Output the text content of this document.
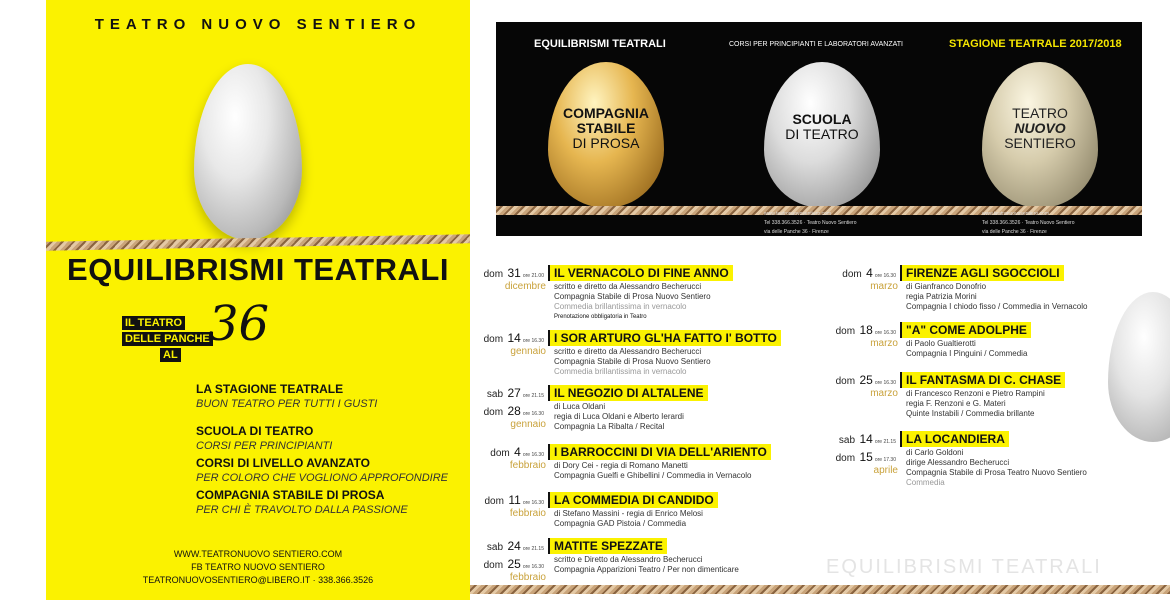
TEATRO NUOVO SENTIERO
EQUILIBRISMI TEATRALI
IL TEATRO
DELLE PANCHE
AL
36
LA STAGIONE TEATRALE
BUON TEATRO PER TUTTI I GUSTI
SCUOLA DI TEATRO
CORSI PER PRINCIPIANTI
CORSI DI LIVELLO AVANZATO
PER COLORO CHE VOGLIONO APPROFONDIRE
COMPAGNIA STABILE DI PROSA
PER CHI È TRAVOLTO DALLA PASSIONE
WWW.TEATRONUOVO SENTIERO.COM
FB TEATRO NUOVO SENTIERO
TEATRONUOVOSENTIERO@LIBERO.IT · 338.366.3526
EQUILIBRISMI TEATRALI	CORSI PER PRINCIPIANTI E LABORATORI AVANZATI	STAGIONE TEATRALE 2017/2018
COMPAGNIA
STABILE
DI PROSA
SCUOLA
DI TEATRO
TEATRO
NUOVO
SENTIERO
www.teatronuovosentiero.com
Tel 338.366.3526 · Teatro Nuovo Sentiero
via delle Panche 36 · Firenze
www.teatronuovosentiero.com
Tel 338.366.3526 · Teatro Nuovo Sentiero
via delle Panche 36 · Firenze
dom 31 ore 21.00
dicembre
IL VERNACOLO DI FINE ANNO
scritto e diretto da Alessandro Becherucci
Compagnia Stabile di Prosa Nuovo Sentiero
Commedia brillantissima in vernacolo
Prenotazione obbligatoria in Teatro
dom 14 ore 16.30
gennaio
I SOR ARTURO GL'HA FATTO I' BOTTO
scritto e diretto da Alessandro Becherucci
Compagnia Stabile di Prosa Nuovo Sentiero
Commedia brillantissima in vernacolo
sab 27 ore 21.15
dom 28 ore 16.30
gennaio
IL NEGOZIO DI ALTALENE
di Luca Oldani
regia di Luca Oldani e Alberto Ierardi
Compagnia La Ribalta / Recital
dom 4 ore 16.30
febbraio
I BARROCCINI DI VIA DELL'ARIENTO
di Dory Cei - regia di Romano Manetti
Compagnia Guelfi e Ghibellini / Commedia in Vernacolo
dom 11 ore 16.30
febbraio
LA COMMEDIA DI CANDIDO
di Stefano Massini - regia di Enrico Melosi
Compagnia GAD Pistoia / Commedia
sab 24 ore 21.15
dom 25 ore 16.30
febbraio
MATITE SPEZZATE
scritto e Diretto da Alessandro Becherucci
Compagnia Apparizioni Teatro / Per non dimenticare
dom 4 ore 16.30
marzo
FIRENZE AGLI SGOCCIOLI
di Gianfranco Donofrio
regia Patrizia Morini
Compagnia I chiodo fisso / Commedia in Vernacolo
dom 18 ore 16.30
marzo
"A" COME ADOLPHE
di Paolo Gualtierotti
Compagnia I Pinguini / Commedia
dom 25 ore 16.30
marzo
IL FANTASMA DI C. CHASE
di Francesco Renzoni e Pietro Rampini
regia F. Renzoni e G. Materi
Quinte Instabili / Commedia brillante
sab 14 ore 21.15
dom 15 ore 17.30
aprile
LA LOCANDIERA
di Carlo Goldoni
dirige Alessandro Becherucci
Compagnia Stabile di Prosa Teatro Nuovo Sentiero
Commedia
EQUILIBRISMI TEATRALI
